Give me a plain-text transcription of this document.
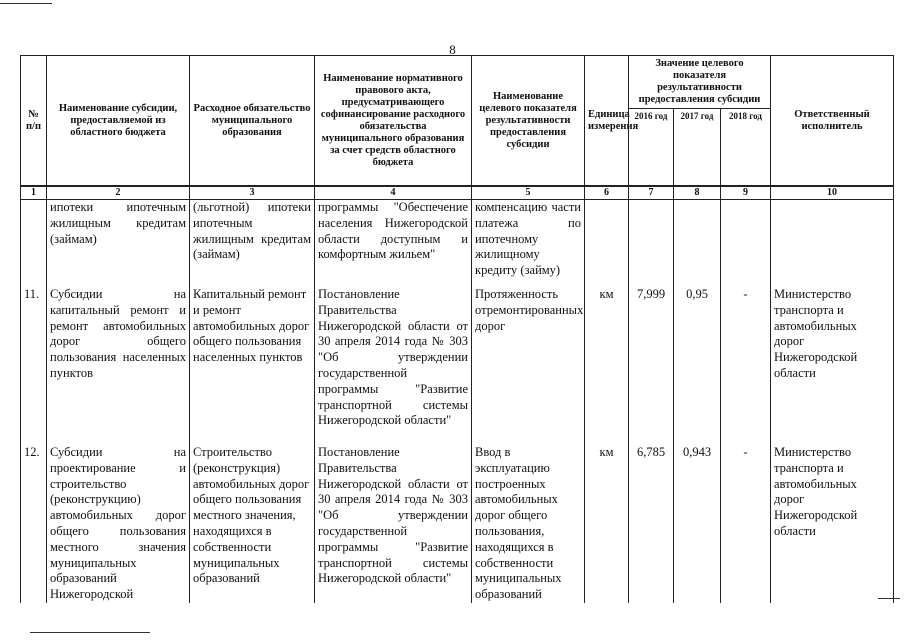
8
№ п/п	Наименование субсидии, предоставляемой из областного бюджета	Расходное обязательство муниципального образования	Наименование нормативного правового акта, предусматривающего софинансирование расходного обязательства муниципального образования за счет средств областного бюджета	Наименование целевого показателя результативности предоставления субсидии	Единица измерения	Значение целевого показателя результативности предоставления субсидии			Ответственный исполнитель
						2016 год	2017 год	2018 год	
1	2	3	4	5	6	7	8	9	10
	ипотеки ипотечным жилищным кредитам (займам)	(льготной) ипотеки ипотечным жилищным кредитам (займам)	программы "Обеспечение населения Нижегородской области доступным и комфортным жильем"	компенсацию части платежа по ипотечному жилищному кредиту (займу)					
11.	Субсидии на капитальный ремонт и ремонт автомобильных дорог общего пользования населенных пунктов	Капитальный ремонт и ремонт автомобильных дорог общего пользования населенных пунктов	Постановление Правительства Нижегородской области от 30 апреля 2014 года № 303 "Об утверждении государственной программы "Развитие транспортной системы Нижегородской области"	Протяженность отремонтированных дорог	км	7,999	0,95	-	Министерство транспорта и автомобильных дорог Нижегородской области
12.	Субсидии на проектирование и строительство (реконструкцию) автомобильных дорог общего пользования местного значения муниципальных образований Нижегородской	Строительство (реконструкция) автомобильных дорог общего пользования местного значения, находящихся в собственности муниципальных образований	Постановление Правительства Нижегородской области от 30 апреля 2014 года № 303 "Об утверждении государственной программы "Развитие транспортной системы Нижегородской области"	Ввод в эксплуатацию построенных автомобильных дорог общего пользования, находящихся в собственности муниципальных образований	км	6,785	0,943	-	Министерство транспорта и автомобильных дорог Нижегородской области
